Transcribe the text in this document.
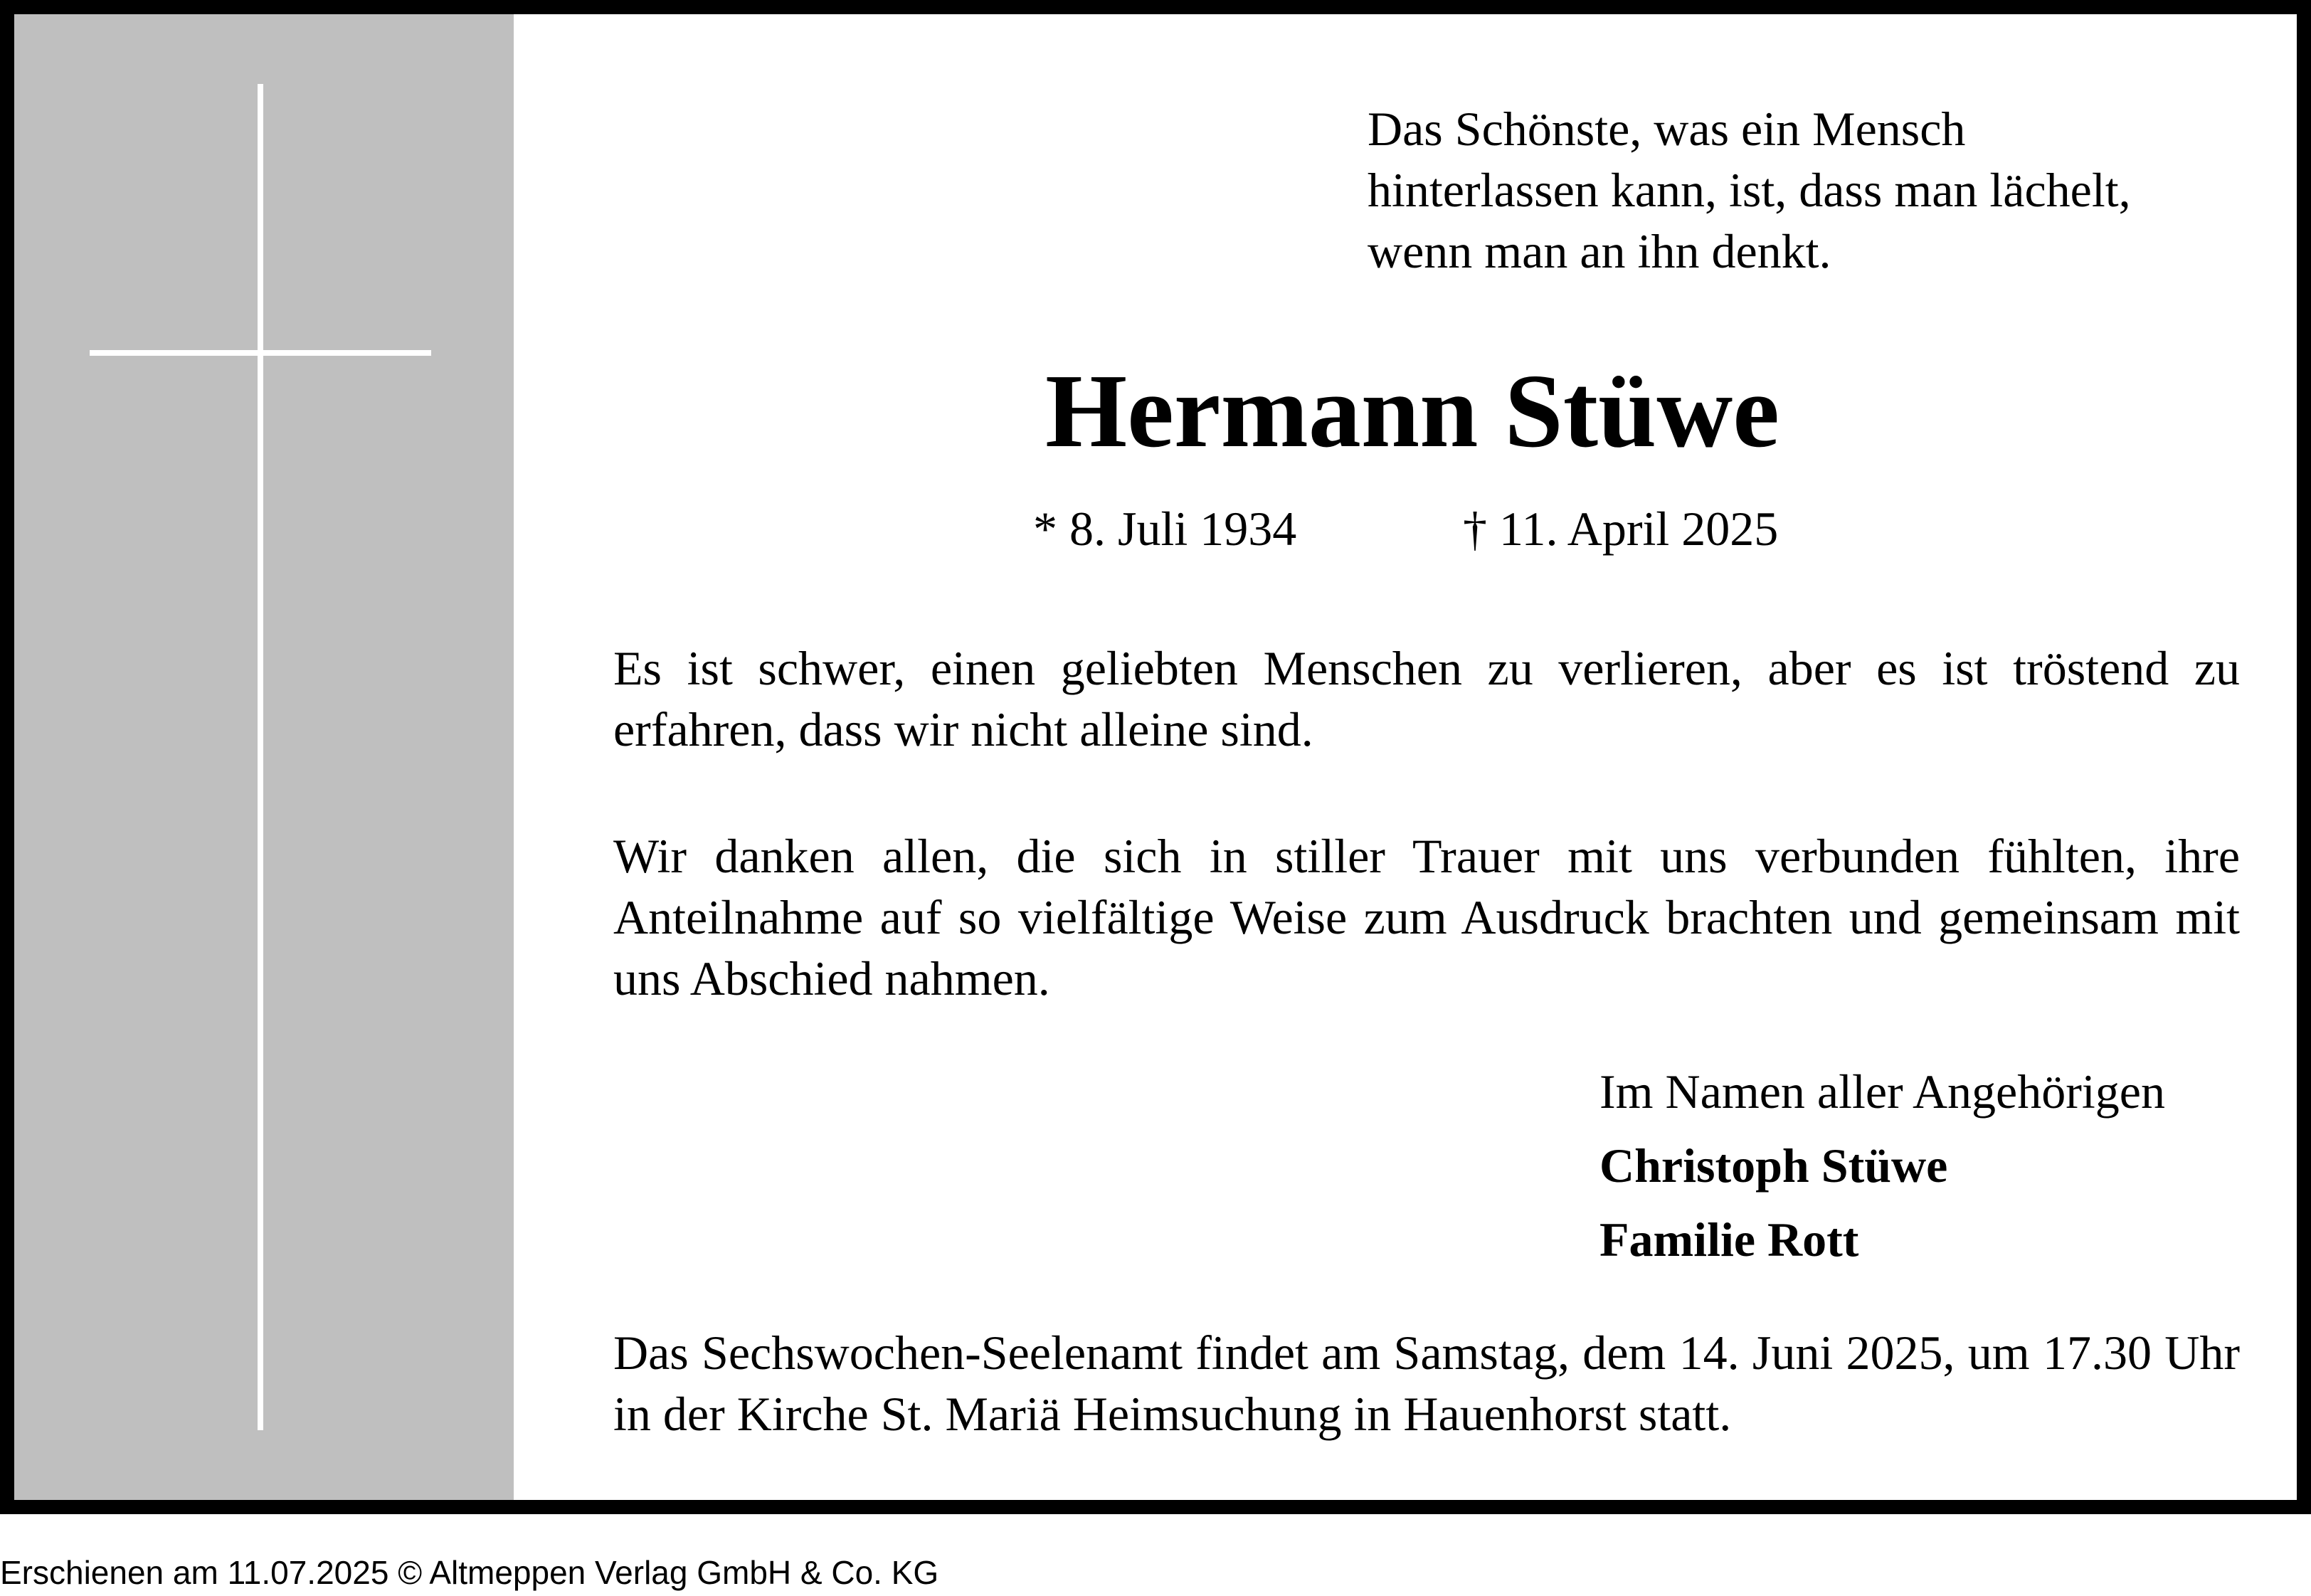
Das Schönste, was ein Mensch
hinterlassen kann, ist, dass man lächelt,
wenn man an ihn denkt.
Hermann Stüwe
* 8. Juli 1934	† 11. April 2025
Es ist schwer, einen geliebten Menschen zu verlieren, aber es ist tröstend zu erfahren, dass wir nicht alleine sind.
Wir danken allen, die sich in stiller Trauer mit uns verbunden fühlten, ihre Anteilnahme auf so vielfältige Weise zum Ausdruck brachten und gemeinsam mit uns Abschied nahmen.
Im Namen aller Angehörigen
Christoph Stüwe
Familie Rott
Das Sechswochen-Seelenamt findet am Samstag, dem 14. Juni 2025, um 17.30 Uhr in der Kirche St. Mariä Heimsuchung in Hauenhorst statt.
Erschienen am 11.07.2025 © Altmeppen Verlag GmbH & Co. KG
